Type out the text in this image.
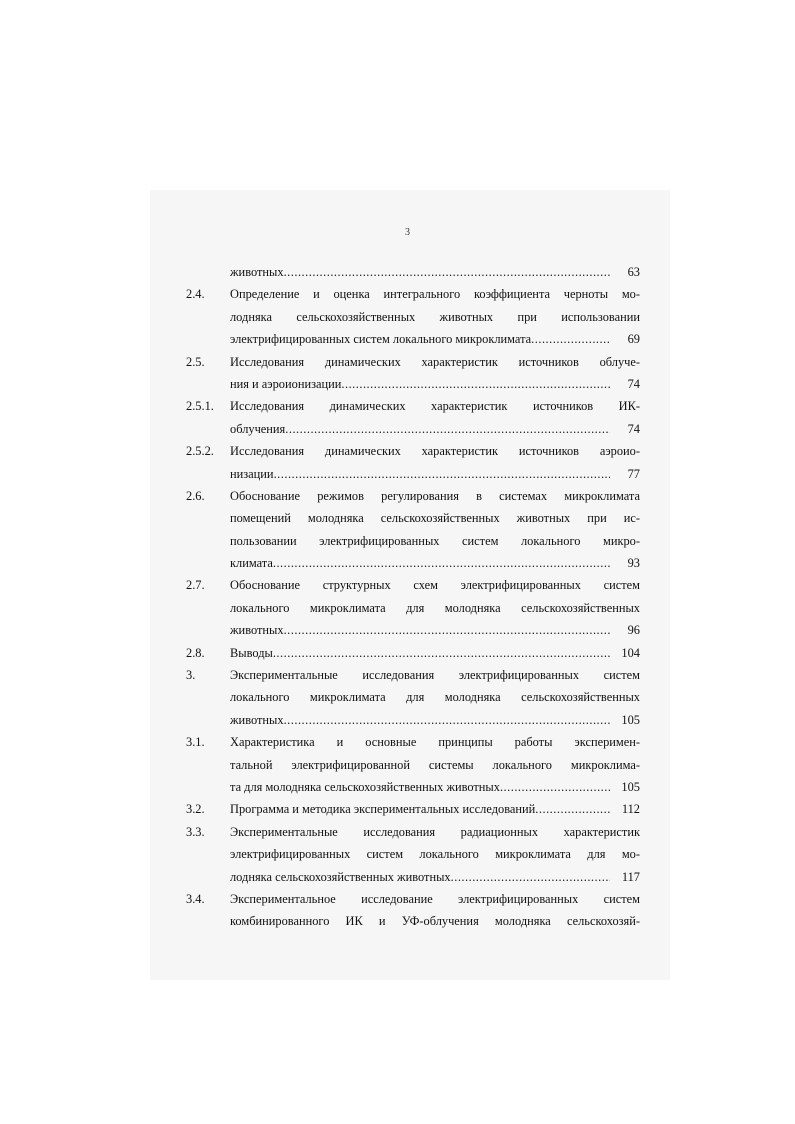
3
животных .....	63
2.4.	Определение и оценка интегрального коэффициента черноты мо-
лодняка сельскохозяйственных животных при использовании
электрифицированных систем локального микроклимата .....	69
2.5.	Исследования динамических характеристик источников облуче-
ния и аэроионизации .....	74
2.5.1.	Исследования динамических характеристик источников ИК-
облучения .....	74
2.5.2.	Исследования динамических характеристик источников аэроио-
низации .....	77
2.6.	Обоснование режимов регулирования в системах микроклимата
помещений молодняка сельскохозяйственных животных при ис-
пользовании электрифицированных систем локального микро-
климата .....	93
2.7.	Обоснование структурных схем электрифицированных систем
локального микроклимата для молодняка сельскохозяйственных
животных .....	96
2.8.	Выводы .....	104
3.	Экспериментальные исследования электрифицированных систем
локального микроклимата для молодняка сельскохозяйственных
животных .....	105
3.1.	Характеристика и основные принципы работы эксперимен-
тальной электрифицированной системы локального микроклима-
та для молодняка сельскохозяйственных животных .....	105
3.2.	Программа и методика экспериментальных исследований .....	112
3.3.	Экспериментальные исследования радиационных характеристик
электрифицированных систем локального микроклимата для мо-
лодняка сельскохозяйственных животных .....	117
3.4.	Экспериментальное исследование электрифицированных систем
комбинированного ИК и УФ-облучения молодняка сельскохозяй-
